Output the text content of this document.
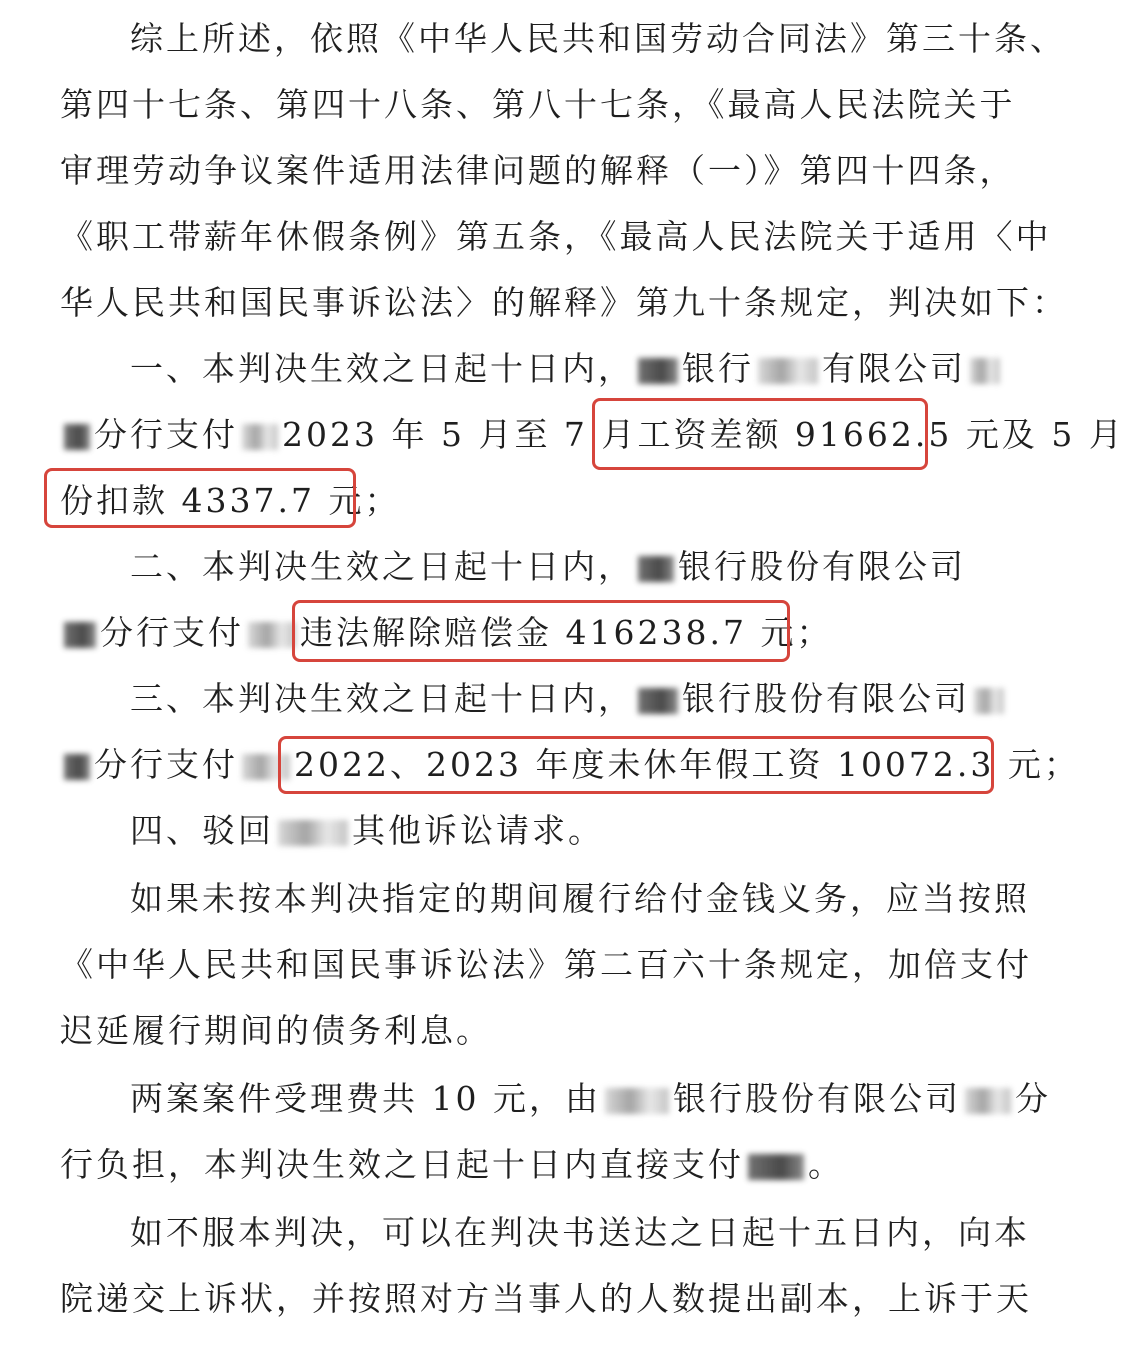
综上所述，依照《中华人民共和国劳动合同法》第三十条、
第四十七条、第四十八条、第八十七条，《最高人民法院关于
审理劳动争议案件适用法律问题的解释（一）》第四十四条，
《职工带薪年休假条例》第五条，《最高人民法院关于适用〈中
华人民共和国民事诉讼法〉的解释》第九十条规定，判决如下：
一、本判决生效之日起十日内， 银行 有限公司
分行支付 2023 年 5 月至 7 月工资差额 91662.5 元及 5 月
份扣款 4337.7 元；
二、本判决生效之日起十日内， 银行股份有限公司
分行支付 违法解除赔偿金 416238.7 元；
三、本判决生效之日起十日内， 银行股份有限公司
分行支付 2022、2023 年度未休年假工资 10072.3 元；
四、驳回 其他诉讼请求。
如果未按本判决指定的期间履行给付金钱义务，应当按照
《中华人民共和国民事诉讼法》第二百六十条规定，加倍支付
迟延履行期间的债务利息。
两案案件受理费共 10 元，由 银行股份有限公司 分
行负担，本判决生效之日起十日内直接支付 。
如不服本判决，可以在判决书送达之日起十五日内，向本
院递交上诉状，并按照对方当事人的人数提出副本，上诉于天
